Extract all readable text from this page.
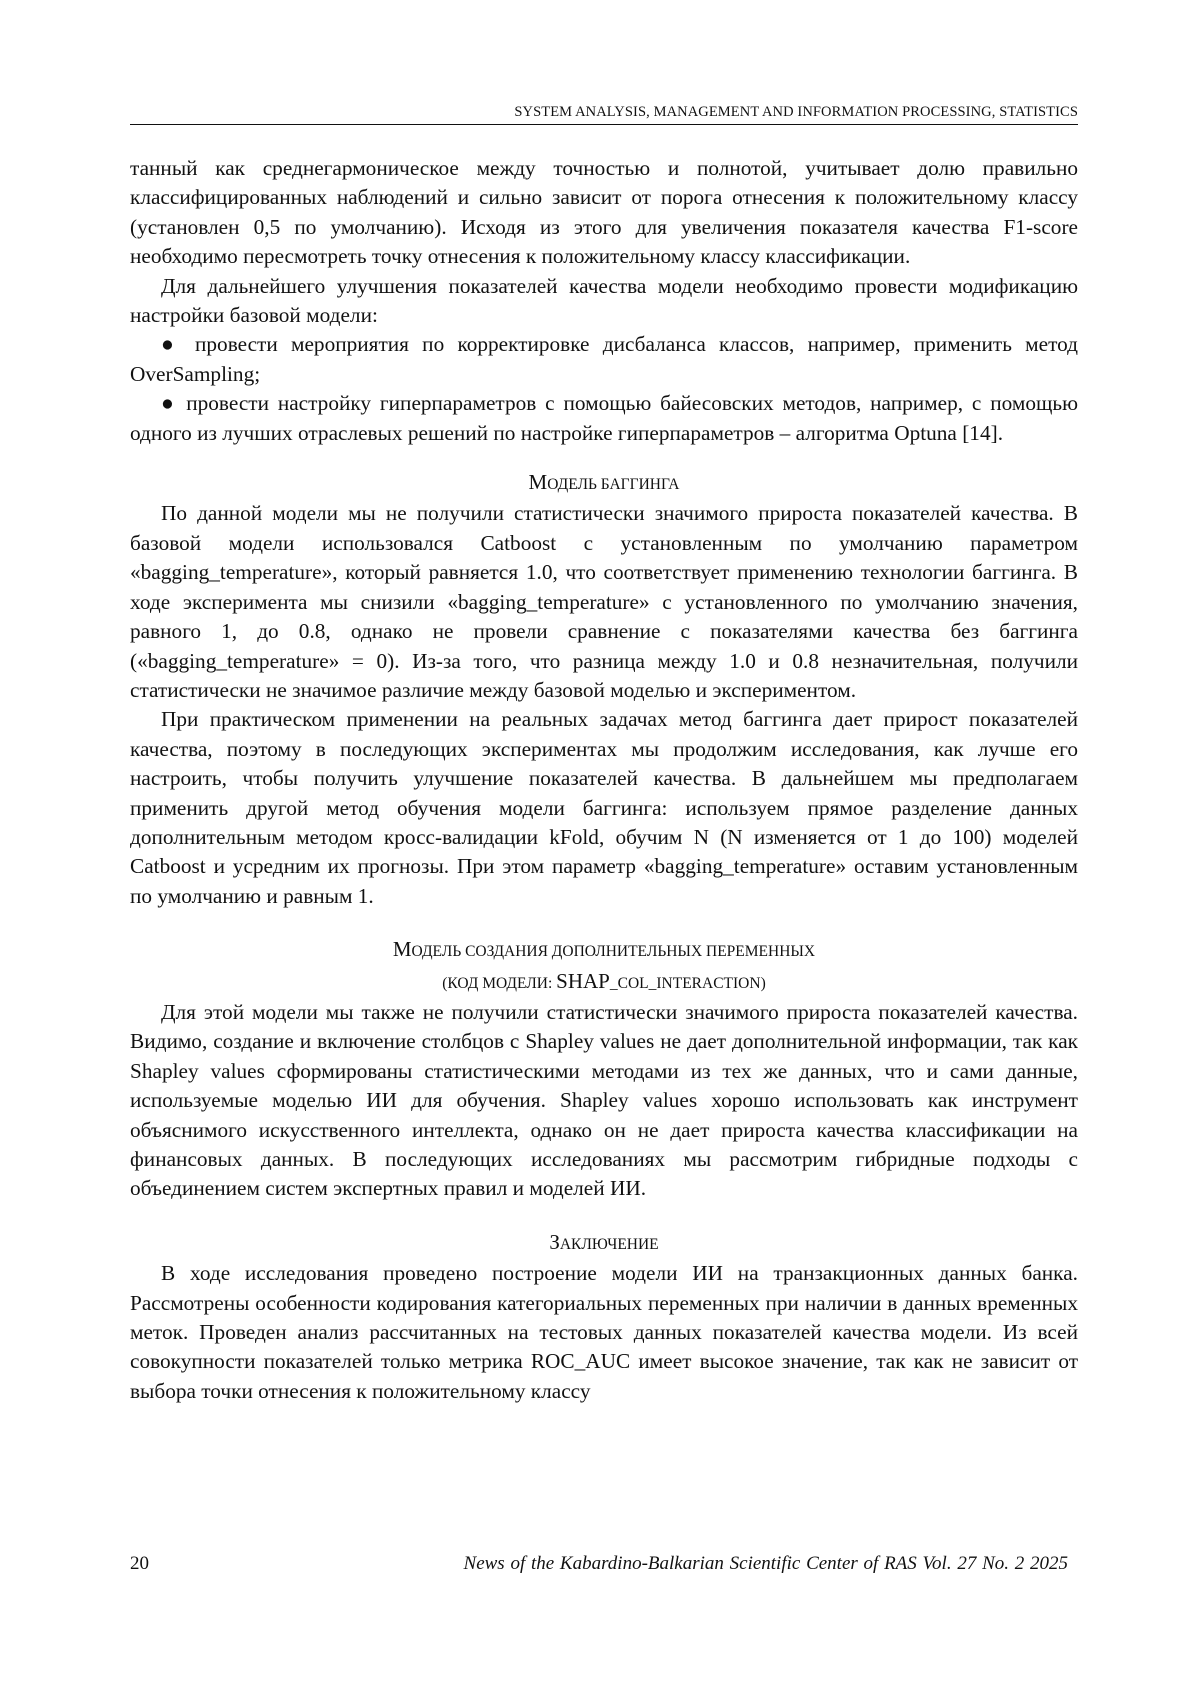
SYSTEM ANALYSIS, MANAGEMENT AND INFORMATION PROCESSING, STATISTICS

танный как среднегармоническое между точностью и полнотой, учитывает долю правильно классифицированных наблюдений и сильно зависит от порога отнесения к положительному классу (установлен 0,5 по умолчанию). Исходя из этого для увеличения показателя качества F1-score необходимо пересмотреть точку отнесения к положительному классу классификации.

Для дальнейшего улучшения показателей качества модели необходимо провести модификацию настройки базовой модели:

● провести мероприятия по корректировке дисбаланса классов, например, применить метод OverSampling;

● провести настройку гиперпараметров с помощью байесовских методов, например, с помощью одного из лучших отраслевых решений по настройке гиперпараметров – алгоритма Optuna [14].

МОДЕЛЬ БАГГИНГА

По данной модели мы не получили статистически значимого прироста показателей качества. В базовой модели использовался Catboost с установленным по умолчанию параметром «bagging_temperature», который равняется 1.0, что соответствует применению технологии баггинга. В ходе эксперимента мы снизили «bagging_temperature» с установленного по умолчанию значения, равного 1, до 0.8, однако не провели сравнение с показателями качества без баггинга («bagging_temperature» = 0). Из-за того, что разница между 1.0 и 0.8 незначительная, получили статистически не значимое различие между базовой моделью и экспериментом.

При практическом применении на реальных задачах метод баггинга дает прирост показателей качества, поэтому в последующих экспериментах мы продолжим исследования, как лучше его настроить, чтобы получить улучшение показателей качества. В дальнейшем мы предполагаем применить другой метод обучения модели баггинга: используем прямое разделение данных дополнительным методом кросс-валидации kFold, обучим N (N изменяется от 1 до 100) моделей Catboost и усредним их прогнозы. При этом параметр «bagging_temperature» оставим установленным по умолчанию и равным 1.

МОДЕЛЬ СОЗДАНИЯ ДОПОЛНИТЕЛЬНЫХ ПЕРЕМЕННЫХ
(КОД МОДЕЛИ: SHAP_COL_INTERACTION)

Для этой модели мы также не получили статистически значимого прироста показателей качества. Видимо, создание и включение столбцов с Shapley values не дает дополнительной информации, так как Shapley values сформированы статистическими методами из тех же данных, что и сами данные, используемые моделью ИИ для обучения. Shapley values хорошо использовать как инструмент объяснимого искусственного интеллекта, однако он не дает прироста качества классификации на финансовых данных. В последующих исследованиях мы рассмотрим гибридные подходы с объединением систем экспертных правил и моделей ИИ.

ЗАКЛЮЧЕНИЕ

В ходе исследования проведено построение модели ИИ на транзакционных данных банка. Рассмотрены особенности кодирования категориальных переменных при наличии в данных временных меток. Проведен анализ рассчитанных на тестовых данных показателей качества модели. Из всей совокупности показателей только метрика ROC_AUC имеет высокое значение, так как не зависит от выбора точки отнесения к положительному классу

20	News of the Kabardino-Balkarian Scientific Center of RAS Vol. 27 No. 2 2025
